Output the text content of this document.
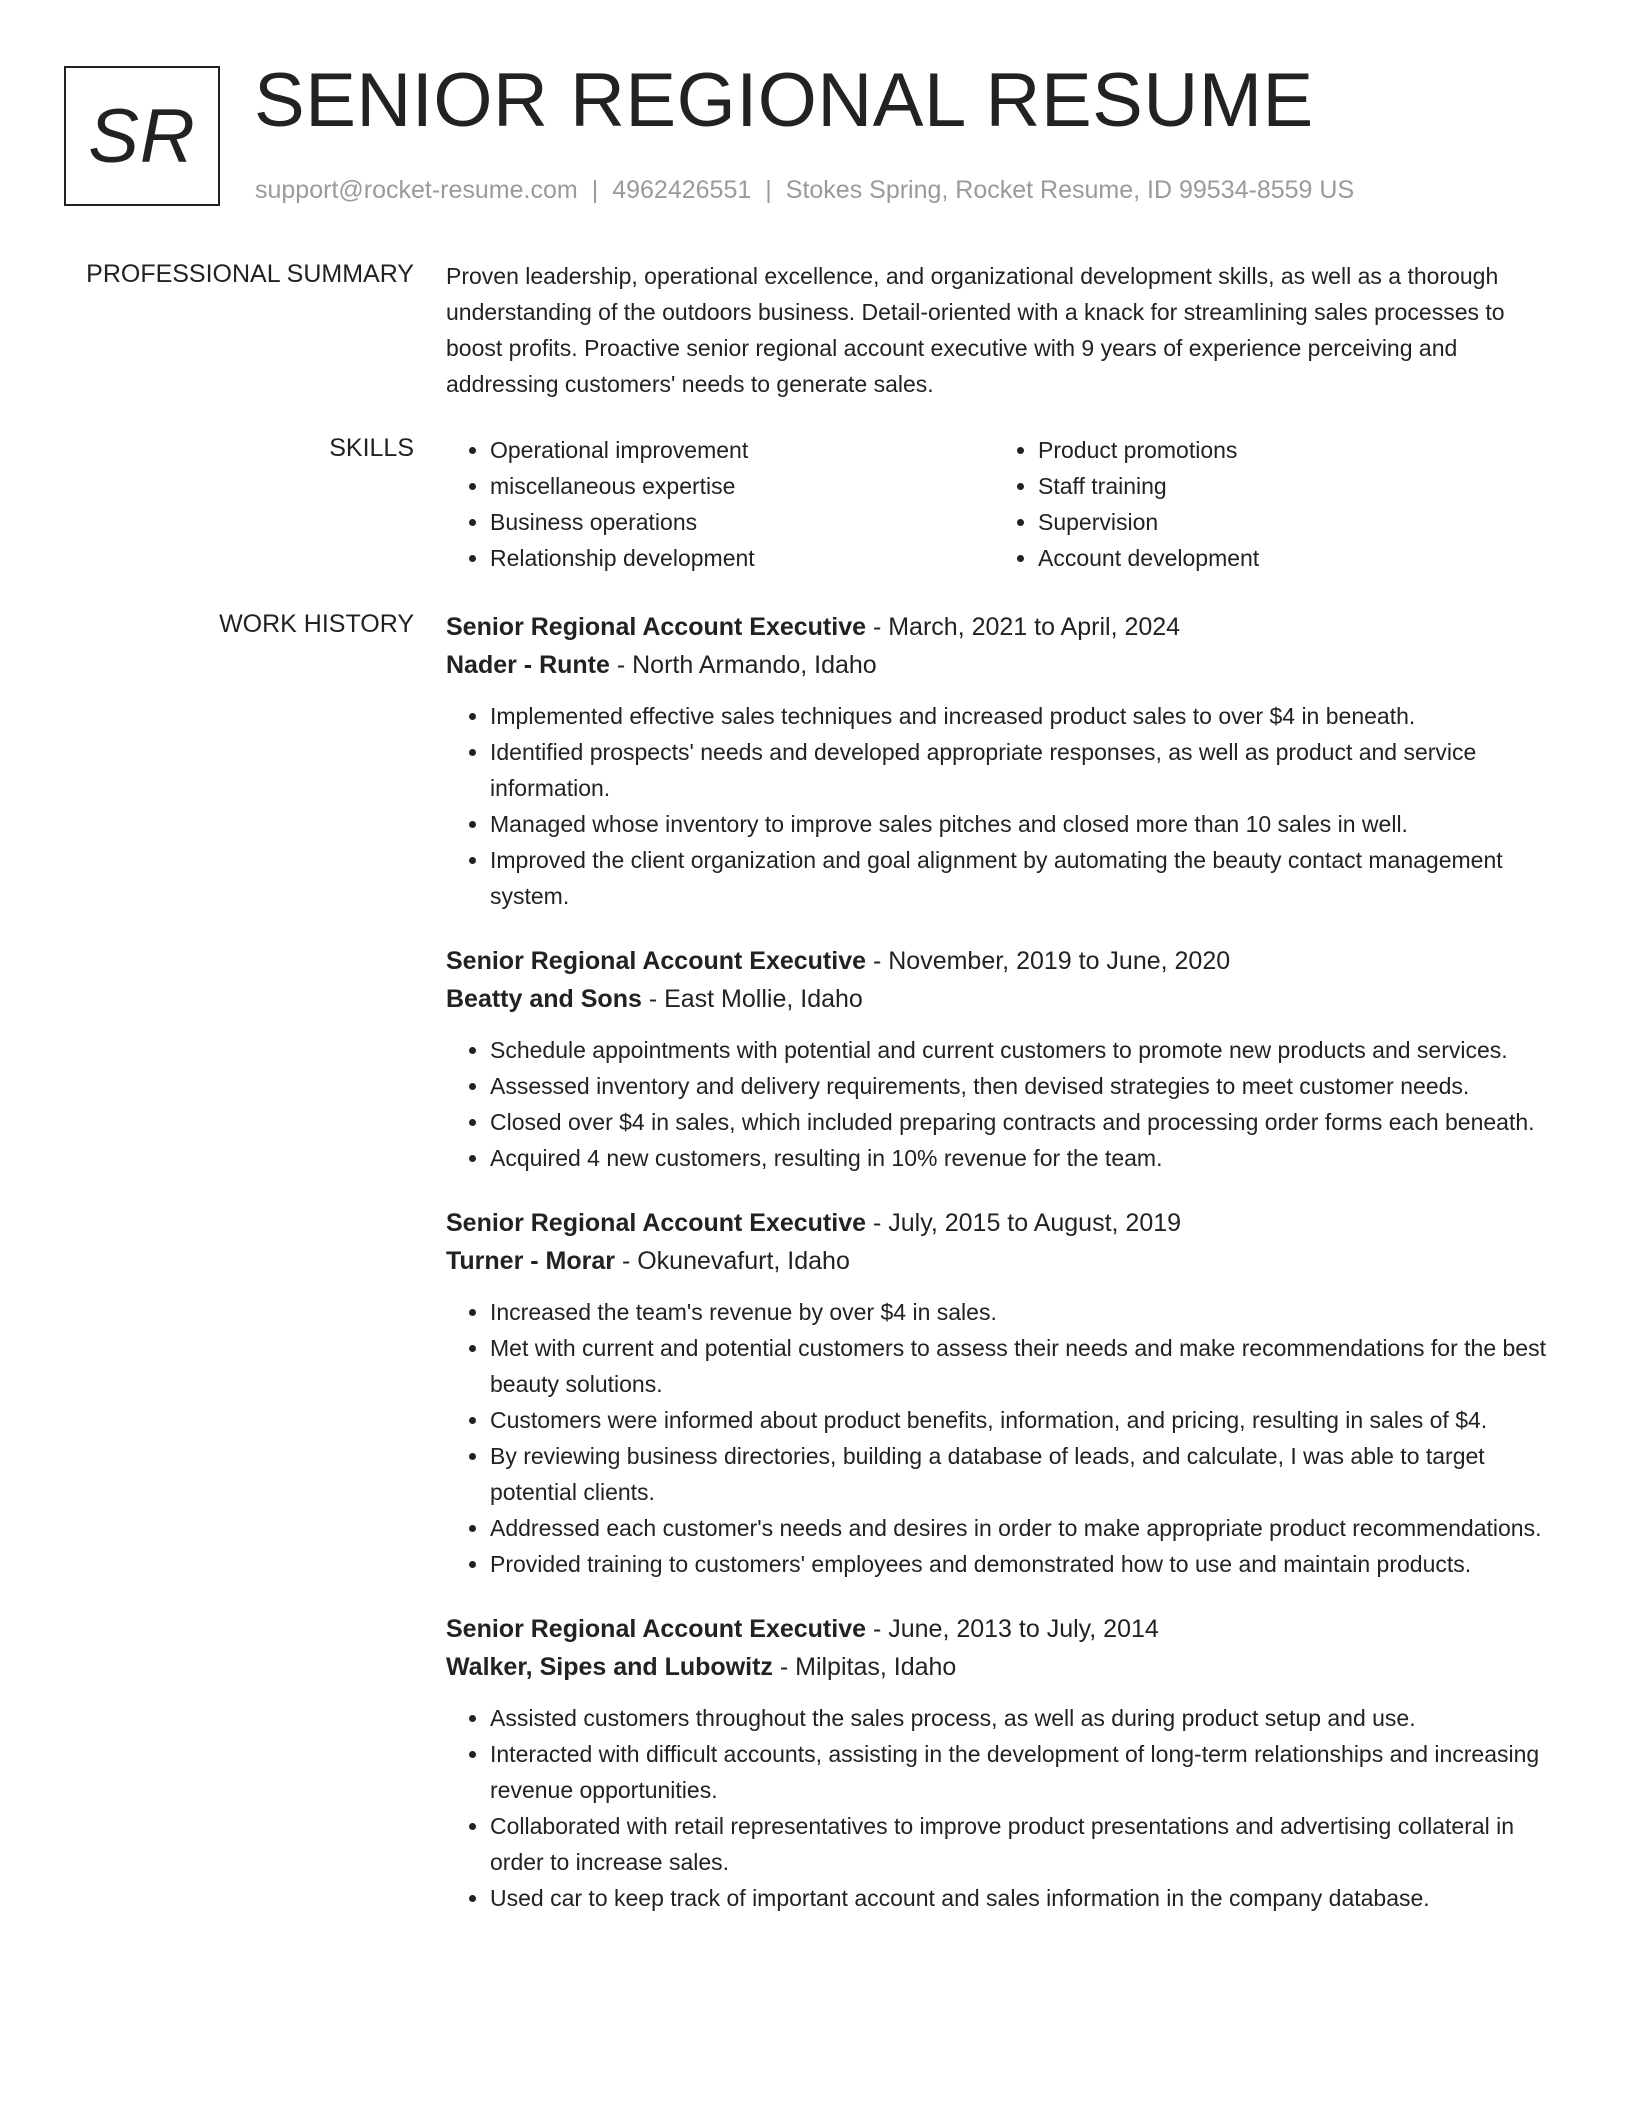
SR SENIOR REGIONAL RESUME
support@rocket-resume.com | 4962426551 | Stokes Spring, Rocket Resume, ID 99534-8559 US
PROFESSIONAL SUMMARY Proven leadership, operational excellence, and organizational development skills, as well as a thorough understanding of the outdoors business. Detail-oriented with a knack for streamlining sales processes to boost profits. Proactive senior regional account executive with 9 years of experience perceiving and addressing customers' needs to generate sales.

SKILLS
•	Operational improvement
• miscellaneous expertise
• Business operations
• Relationship development
• Product promotions
• Staff training
• Supervision
• Account development
WORK HISTORY Senior Regional Account Executive - March, 2021 to April, 2024
Nader - Runte - North Armando, Idaho
• Implemented effective sales techniques and increased product sales to over $4 in beneath.
• Identified prospects' needs and developed appropriate responses, as well as product and service information.
• Managed whose inventory to improve sales pitches and closed more than 10 sales in well.
• Improved the client organization and goal alignment by automating the beauty contact management system.
Senior Regional Account Executive - November, 2019 to June, 2020
Beatty and Sons - East Mollie, Idaho
• Schedule appointments with potential and current customers to promote new products and services.
• Assessed inventory and delivery requirements, then devised strategies to meet customer needs.
• Closed over $4 in sales, which included preparing contracts and processing order forms each beneath.
• Acquired 4 new customers, resulting in 10% revenue for the team.
Senior Regional Account Executive - July, 2015 to August, 2019
Turner - Morar - Okunevafurt, Idaho
• Increased the team's revenue by over $4 in sales.
• Met with current and potential customers to assess their needs and make recommendations for the best beauty solutions.
• Customers were informed about product benefits, information, and pricing, resulting in sales of $4.
• By reviewing business directories, building a database of leads, and calculate, I was able to target potential clients.
• Addressed each customer's needs and desires in order to make appropriate product recommendations.
• Provided training to customers' employees and demonstrated how to use and maintain products.
Senior Regional Account Executive - June, 2013 to July, 2014
Walker, Sipes and Lubowitz - Milpitas, Idaho
• Assisted customers throughout the sales process, as well as during product setup and use.
• Interacted with difficult accounts, assisting in the development of long-term relationships and increasing revenue opportunities.
• Collaborated with retail representatives to improve product presentations and advertising collateral in order to increase sales.
• Used car to keep track of important account and sales information in the company database.
